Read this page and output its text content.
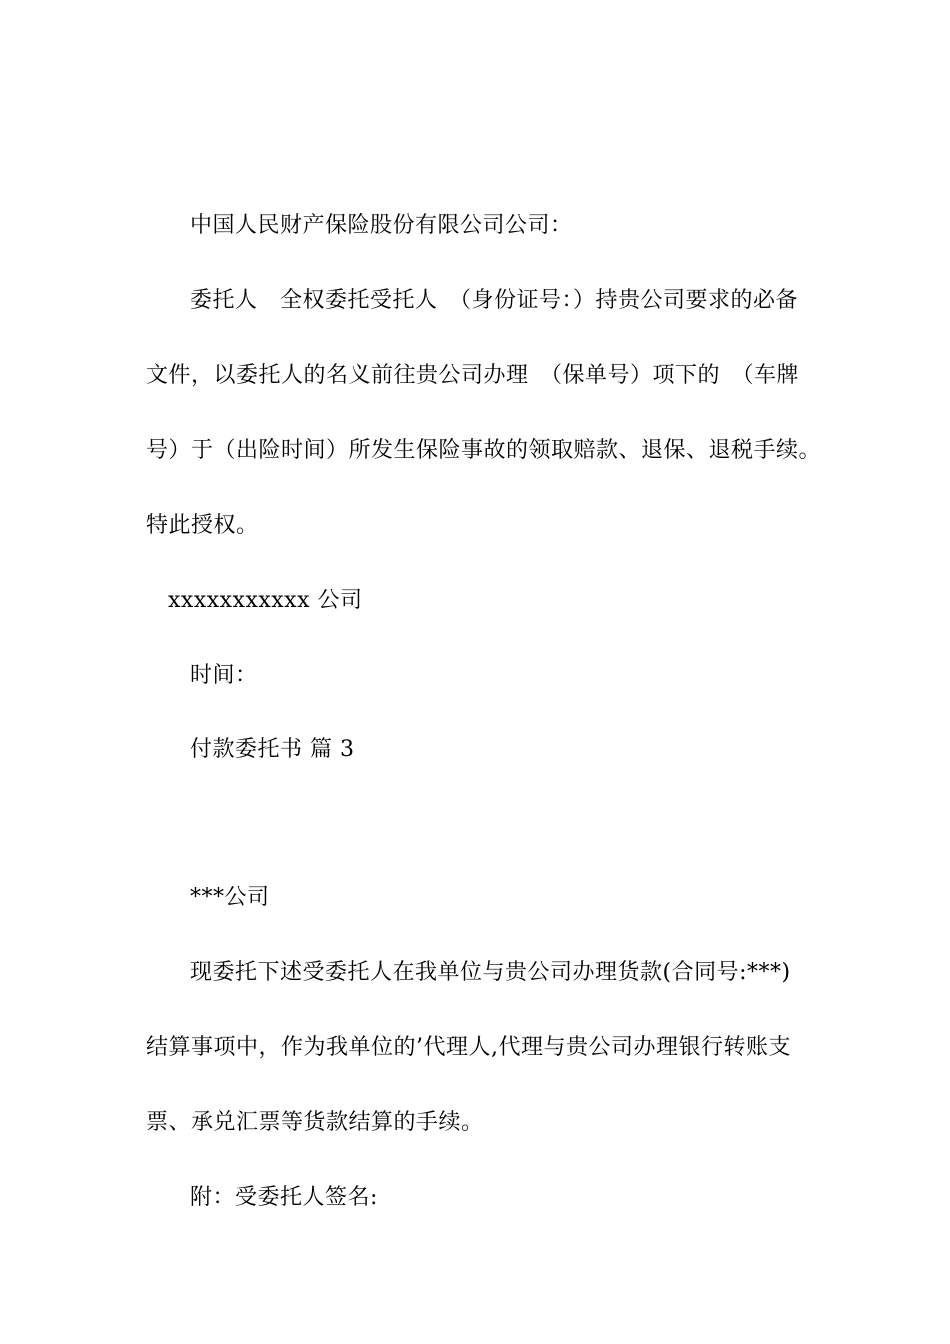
中国人民财产保险股份有限公司公司：
委托人　全权委托受托人　（身份证号：）持贵公司要求的必备
文件，以委托人的名义前往贵公司办理　（保单号）项下的　（车牌
号）于（出险时间）所发生保险事故的领取赔款、退保、退税手续。
特此授权。
xxxxxxxxxxx 公司
时间：
付款委托书 篇 3
***公司
现委托下述受委托人在我单位与贵公司办理货款(合同号:***)
结算事项中，作为我单位的’代理人,代理与贵公司办理银行转账支
票、承兑汇票等货款结算的手续。
附：受委托人签名:
